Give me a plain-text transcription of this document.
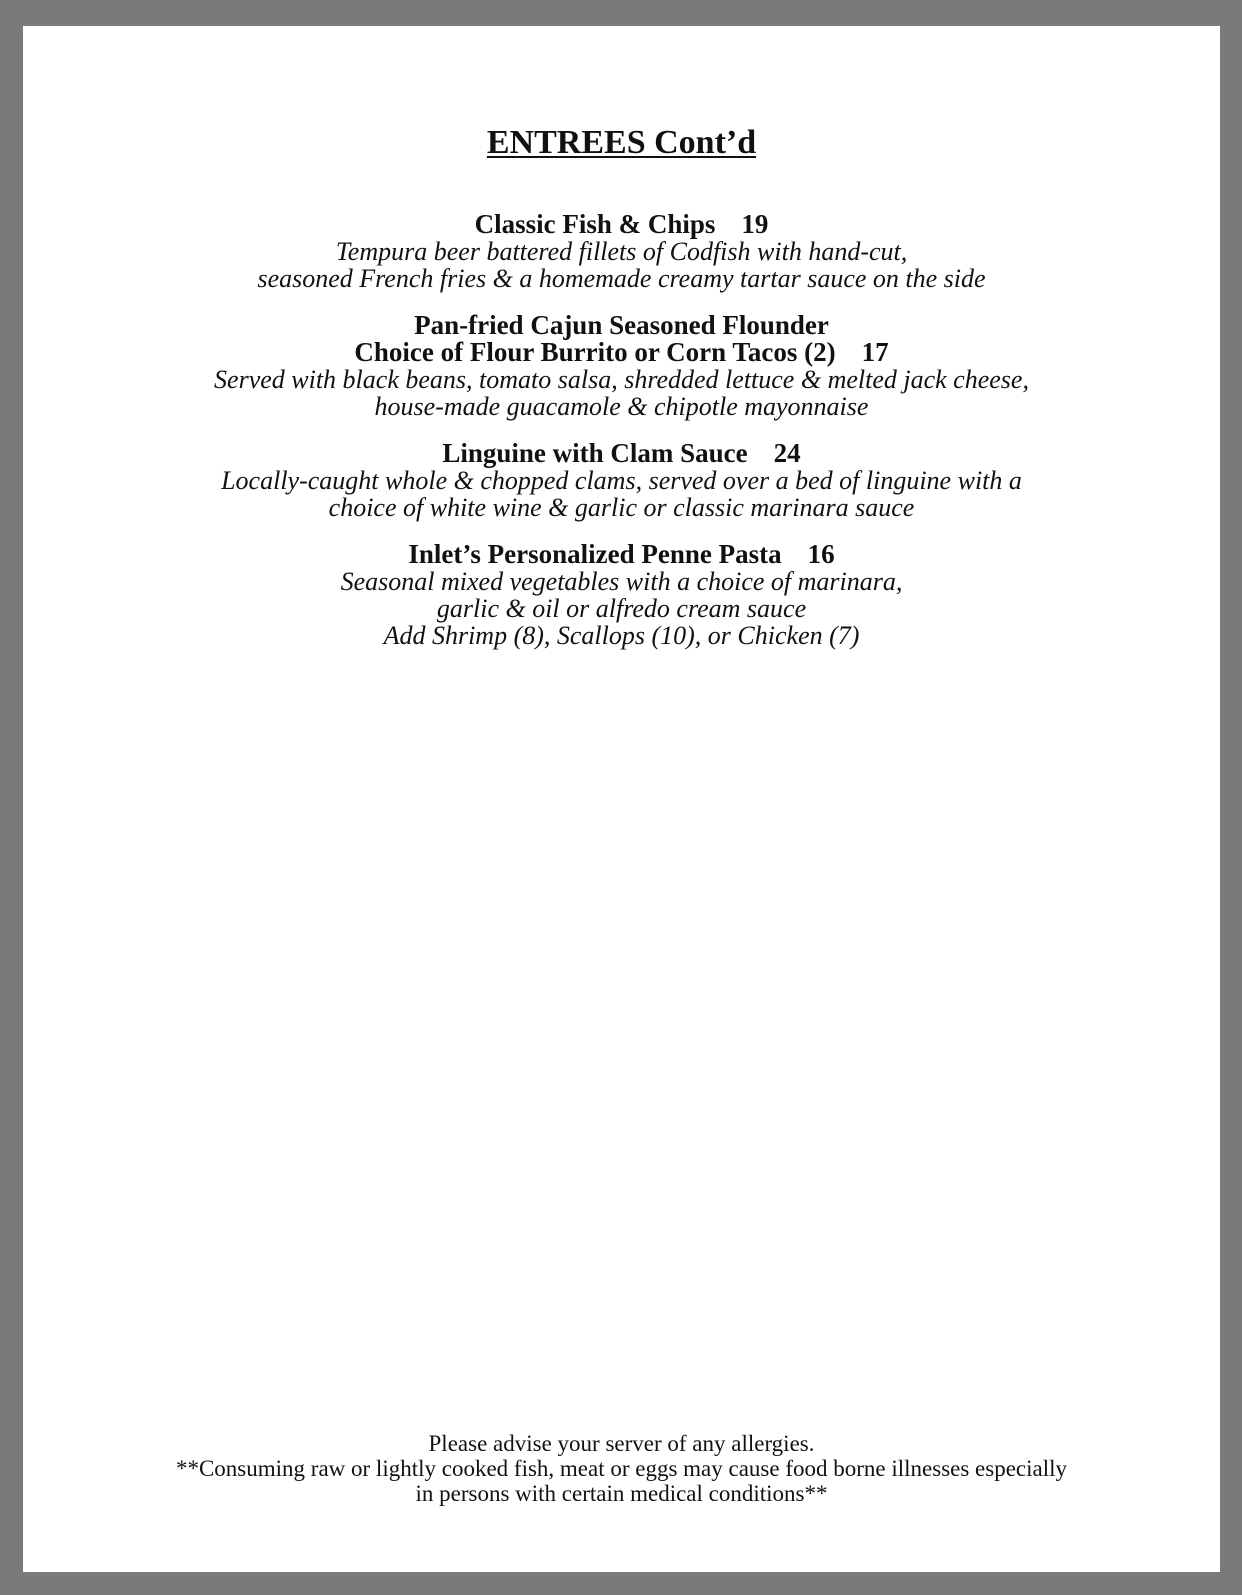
ENTREES Cont’d
Classic Fish & Chips 19
Tempura beer battered fillets of Codfish with hand-cut,
seasoned French fries & a homemade creamy tartar sauce on the side
Pan-fried Cajun Seasoned Flounder
Choice of Flour Burrito or Corn Tacos (2) 17
Served with black beans, tomato salsa, shredded lettuce & melted jack cheese,
house-made guacamole & chipotle mayonnaise
Linguine with Clam Sauce 24
Locally-caught whole & chopped clams, served over a bed of linguine with a
choice of white wine & garlic or classic marinara sauce
Inlet’s Personalized Penne Pasta 16
Seasonal mixed vegetables with a choice of marinara,
garlic & oil or alfredo cream sauce
Add Shrimp (8), Scallops (10), or Chicken (7)
Please advise your server of any allergies.
**Consuming raw or lightly cooked fish, meat or eggs may cause food borne illnesses especially
in persons with certain medical conditions**
